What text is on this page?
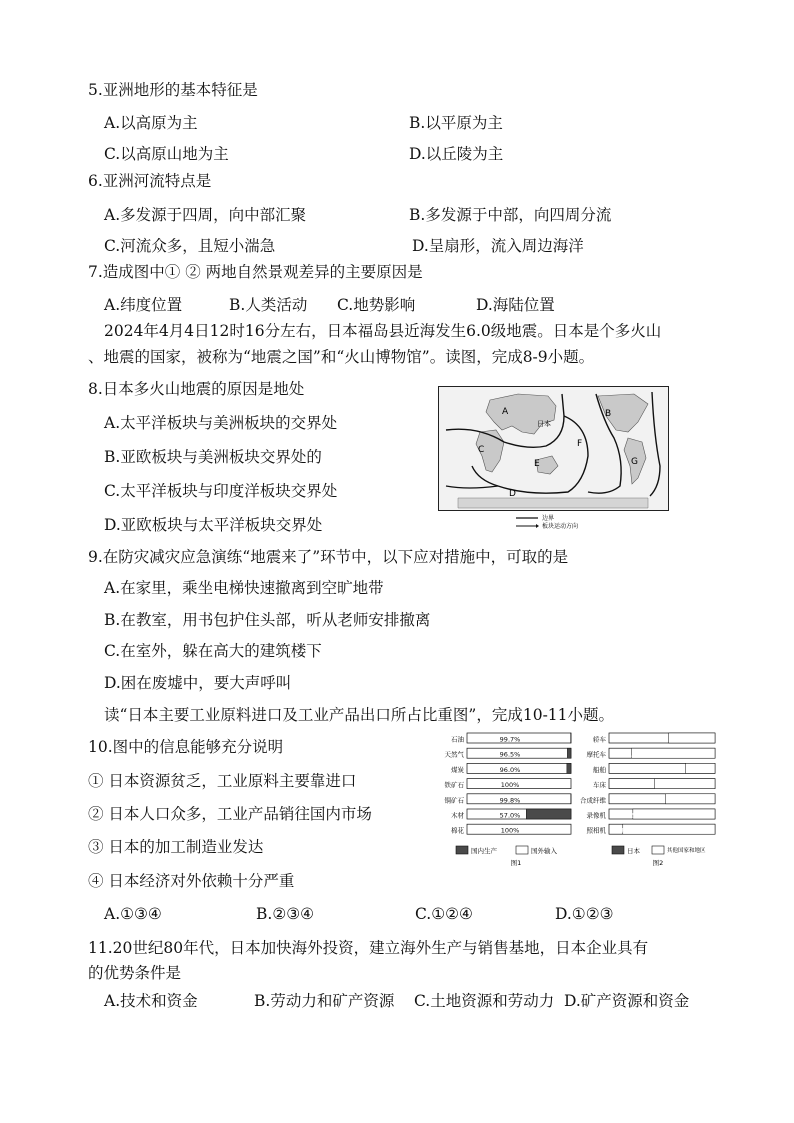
5.亚洲地形的基本特征是
A.以高原为主	B.以平原为主
C.以高原山地为主	D.以丘陵为主
6.亚洲河流特点是
A.多发源于四周，向中部汇聚	B.多发源于中部，向四周分流
C.河流众多，且短小湍急	D.呈扇形，流入周边海洋
7.造成图中① ② 两地自然景观差异的主要原因是
A.纬度位置	B.人类活动 C.地势影响	D.海陆位置
2024年4月4日12时16分左右，日本福岛县近海发生6.0级地震。日本是个多火山
、地震的国家，被称为“地震之国”和“火山博物馆”。读图，完成8-9小题。
8.日本多火山地震的原因是地处
A.太平洋板块与美洲板块的交界处
B.亚欧板块与美洲板块交界处的
C.太平洋板块与印度洋板块交界处
D.亚欧板块与太平洋板块交界处
A	B
C
D
E
F
G
日本
边界
板块运动方向
9.在防灾减灾应急演练“地震来了”环节中，以下应对措施中，可取的是
A.在家里，乘坐电梯快速撤离到空旷地带
B.在教室，用书包护住头部，听从老师安排撤离
C.在室外，躲在高大的建筑楼下
D.困在废墟中，要大声呼叫
读“日本主要工业原料进口及工业产品出口所占比重图”，完成10-11小题。
10.图中的信息能够充分说明
① 日本资源贫乏，工业原料主要靠进口
② 日本人口众多，工业产品销往国内市场
③ 日本的加工制造业发达
④ 日本经济对外依赖十分严重
A.①③④	B.②③④	C.①②④	D.①②③
石油	99.7%
天然气	96.5%
煤炭	96.0%
铁矿石	100%
铜矿石	99.8%
木材	57.0%
棉花	100%
国内生产	国外输入
图1
轿车 43.8%
摩托车 78.9%
船舶 27.6%
车床 57.2%
合成纤维 46.7%
录像机 77.5%
照相机 87.0%
日本	其他国家和地区
图2
11.20世纪80年代，日本加快海外投资，建立海外生产与销售基地，日本企业具有
的优势条件是
A.技术和资金	B.劳动力和矿产资源 C.土地资源和劳动力 D.矿产资源和资金
